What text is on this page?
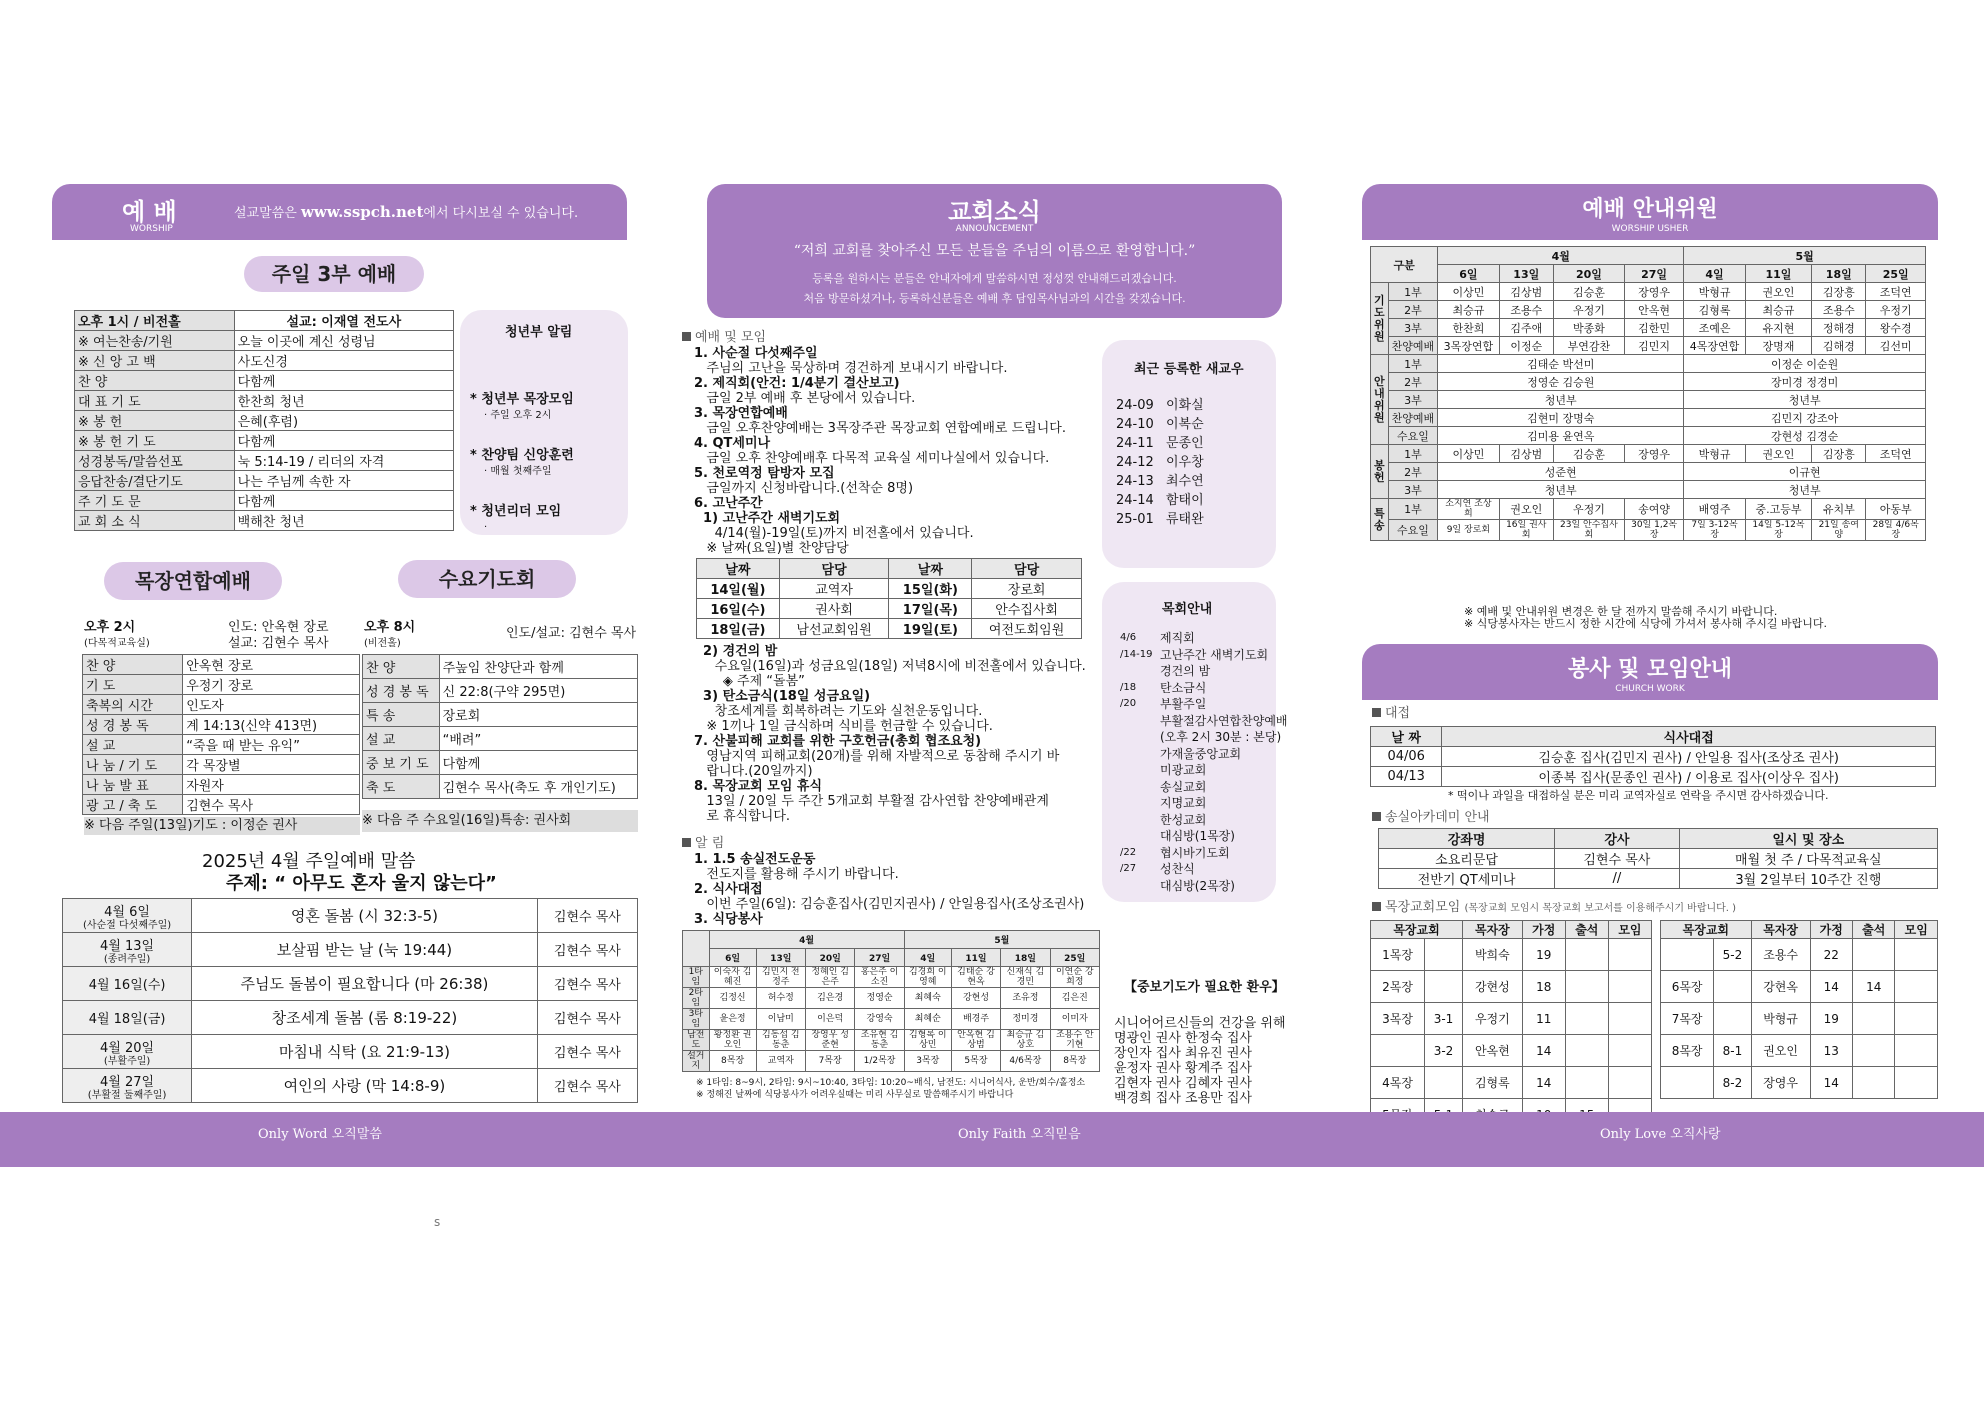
예 배
WORSHIP
설교말씀은 www.sspch.net에서 다시보실 수 있습니다.
주일 3부 예배
오후 1시 / 비전홀	설교: 이재열 전도사
※ 여는찬송/기원	오늘 이곳에 계신 성령님
※ 신 앙 고 백	사도신경
찬 양	다함께
대 표 기 도	한찬희 청년
※ 봉 헌	은혜(후렴)
※ 봉 헌 기 도	다함께
성경봉독/말씀선포	눅 5:14-19 / 리더의 자격
응답찬송/결단기도	나는 주님께 속한 자
주 기 도 문	다함께
교 회 소 식	백해찬 청년
청년부 알림
* 청년부 목장모임
· 주일 오후 2시
* 찬양팀 신앙훈련
· 매월 첫째주일
* 청년리더 모임
·
목장연합예배	수요기도회
오후 2시
(다목적교육실)
인도: 안옥현 장로
설교: 김현수 목사
찬 양	안옥현 장로
기 도	우정기 장로
축복의 시간	인도자
성 경 봉 독	계 14:13(신약 413면)
설 교	“죽을 때 받는 유익”
나 눔 / 기 도	각 목장별
나 눔 발 표	자원자
광 고 / 축 도	김현수 목사
※ 다음 주일(13일)기도 : 이정순 권사
오후 8시
(비전홀)
인도/설교: 김현수 목사
찬 양	주높임 찬양단과 함께
성 경 봉 독	신 22:8(구약 295면)
특 송	장로회
설 교	“배려”
중 보 기 도	다함께
축 도	김현수 목사(축도 후 개인기도)
※ 다음 주 수요일(16일)특송: 권사회
2025년 4월 주일예배 말씀
주제: “ 아무도 혼자 울지 않는다”
4월 6일
(사순절 다섯째주일)	영혼 돌봄 (시 32:3-5)	김현수 목사

4월 13일
(종려주일)	보살핌 받는 날 (눅 19:44)	김현수 목사

4월 16일(수)	주님도 돌봄이 필요합니다 (마 26:38)	김현수 목사

4월 18일(금)	창조세계 돌봄 (롬 8:19-22)	김현수 목사

4월 20일
(부활주일)	마침내 식탁 (요 21:9-13)	김현수 목사

4월 27일
(부활절 둘째주일)	여인의 사랑 (막 14:8-9)	김현수 목사
교회소식
ANNOUNCEMENT
“저희 교회를 찾아주신 모든 분들을 주님의 이름으로 환영합니다.”
등록을 원하시는 분들은 안내자에게 말씀하시면 정성껏 안내해드리겠습니다.
처음 방문하셨거나, 등록하신분들은 예배 후 담임목사님과의 시간을 갖겠습니다.
예배 및 모임
1. 사순절 다섯째주일
주님의 고난을 묵상하며 경건하게 보내시기 바랍니다.
2. 제직회(안건: 1/4분기 결산보고)
금일 2부 예배 후 본당에서 있습니다.
3. 목장연합예배
금일 오후찬양예배는 3목장주관 목장교회 연합예배로 드립니다.
4. QT세미나
금일 오후 찬양예배후 다목적 교육실 세미나실에서 있습니다.
5. 천로역정 탐방자 모집
금일까지 신청바랍니다.(선착순 8명)
6. 고난주간
1) 고난주간 새벽기도회
4/14(월)-19일(토)까지 비전홀에서 있습니다.
※ 날짜(요일)별 찬양담당
날짜	담당	날짜	담당
14일(월)	교역자	15일(화)	장로회
16일(수)	권사회	17일(목)	안수집사회
18일(금)	남선교회임원	19일(토)	여전도회임원
2) 경건의 밤
수요일(16일)과 성금요일(18일) 저녁8시에 비전홀에서 있습니다.
◈ 주제 “돌봄”
3) 탄소금식(18일 성금요일)
창조세계를 회복하려는 기도와 실천운동입니다.
※ 1끼나 1일 금식하며 식비를 헌금할 수 있습니다.
7. 산불피해 교회를 위한 구호헌금(총회 협조요청)
영남지역 피해교회(20개)를 위해 자발적으로 동참해 주시기 바
랍니다.(20일까지)
8. 목장교회 모임 휴식
13일 / 20일 두 주간 5개교회 부활절 감사연합 찬양예배관계
로 휴식합니다.
알 림
1. 1.5 송실전도운동
전도지를 활용해 주시기 바랍니다.
2. 식사대접
이번 주일(6일): 김승훈집사(김민지권사) / 안일용집사(조상조권사)
3. 식당봉사
	4월				5월			
	6일	13일	20일	27일	4일	11일	18일	25일
1타임	이숙자 김혜진	김민지 전정주	정혜인 김은주	홍은주 이소진	김경희 이영혜	김태순 강현옥	신재식 김경민	이연순 강희정
2타임	김정신	허수정	김은경	정영순	최혜숙	강현성	조유정	김은진
3타임	윤은정	이남미	이은덕	강영숙	최혜순	배경주	정미경	이미자
남전도	황정환 권오인	김동섭 김동춘	장영우 성준현	조유현 김동춘	김형록 이상민	안옥현 김상범	최승규 김상호	조용수 안기현
설거지	8목장	교역자	7목장	1/2목장	3목장	5목장	4/6목장	8목장
※ 1타임: 8~9시, 2타임: 9시~10:40, 3타임: 10:20~배식, 남전도: 시니어식사, 운반/회수/홀정소
※ 정해진 날짜에 식당봉사가 어려우실때는 미리 사무실로 말씀해주시기 바랍니다
최근 등록한 새교우
24-09 이화실
24-10 이복순
24-11 문종인
24-12 이우창
24-13 최수연
24-14 함태이
25-01 류태완
목회안내
4/6 제직회
/14-19 고난주간 새벽기도회
경건의 밤
/18 탄소금식
/20 부활주일
부활절감사연합찬양예배
(오후 2시 30분 : 본당)
가재울중앙교회
미광교회
송실교회
지명교회
한성교회
대심방(1목장)
/22 협시바기도회
/27 성찬식
대심방(2목장)
【중보기도가 필요한 환우】
시니어어르신들의 건강을 위해
명광인 권사 한정숙 집사
장인자 집사 최유진 권사
윤정자 권사 황계주 집사
김현자 권사 김혜자 권사
백경희 집사 조용만 집사
예배 안내위원
WORSHIP USHER
구분		4월				5월			
		6일	13일	20일	27일	4일	11일	18일	25일
기도위원	1부	이상민	김상범	김승훈	장영우	박형규	권오인	김장흥	조덕연
	2부	최승규	조용수	우정기	안옥현	김형록	최승규	조용수	우정기
	3부	한찬희	김주애	박종화	김한민	조예은	유지현	정해경	왕수경
	찬양예배	3목장연합	이정순	부연감찬	김민지	4목장연합	장명재	김해경	김선미
안내위원	1부	김태순 박선미				이정순 이순원			
	2부	정영순 김승원				장미경 정경미			
	3부	청년부				청년부			
	찬양예배	김현미 장명숙				김민지 강조아			
	수요일	김미용 윤연옥				강현성 김경순			
봉헌	1부	이상민	김상범	김승훈	장영우	박형규	권오인	김장흥	조덕연
	2부	성준현				이규현			
	3부	청년부				청년부			
특송	1부	소지연 조상희	권오인	우정기	송여양	배영주	중.고등부	유치부	아동부
	수요일	9일 장로회	16일 권사회	23일 안수집사회	30일 1,2목장	7일 3-12목장	14일 5-12목장	21일 송여양	28일 4/6목장
※ 예배 및 안내위원 변경은 한 달 전까지 말씀해 주시기 바랍니다.
※ 식당봉사자는 반드시 정한 시간에 식당에 가셔서 봉사해 주시길 바랍니다.
봉사 및 모임안내
CHURCH WORK
대접
날 짜	식사대접
04/06	김승훈 집사(김민지 권사) / 안일용 집사(조상조 권사)
04/13	이종복 집사(문종인 권사) / 이용로 집사(이상우 집사)
* 떡이나 과일을 대접하실 분은 미리 교역자실로 연락을 주시면 감사하겠습니다.
송실아카데미 안내
강좌명	강사	일시 및 장소
소요리문답	김현수 목사	매월 첫 주 / 다목적교육실
전반기 QT세미나	//	3월 2일부터 10주간 진행
목장교회모임 (목장교회 모임시 목장교회 보고서를 이용해주시기 바랍니다. )
목장교회		목자장	가정	출석	모임
1목장		박희숙	19		
2목장		강현성	18		
3목장	3-1	우정기	11		
	3-2	안옥현	14		
4목장		김형록	14		

목장교회		목자장	가정	출석	모임
	5-2	조용수	22		
6목장		강현옥	14	14	
7목장		박형규	19		
8목장	8-1	권오인	13		
	8-2	장영우	14		
Only Word 오직말씀	Only Faith 오직믿음	Only Love 오직사랑
s
